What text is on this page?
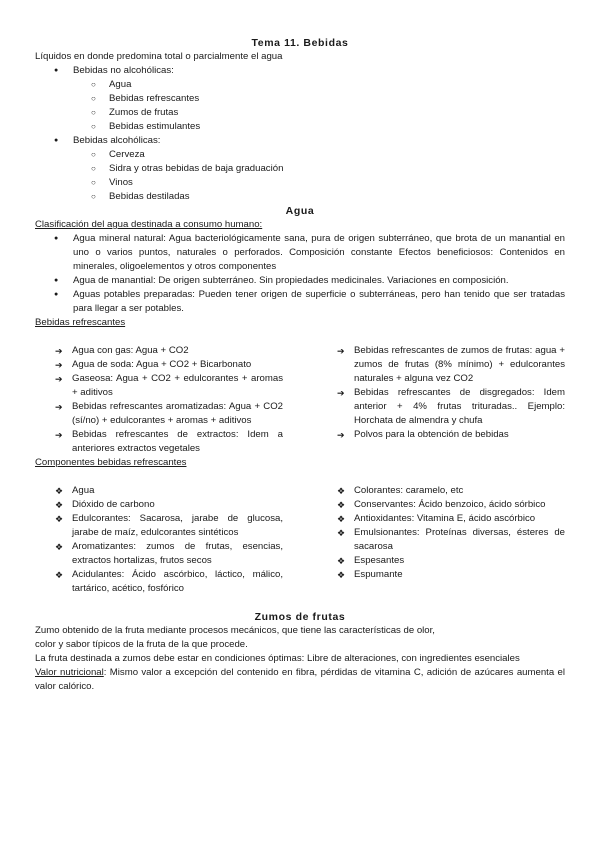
Tema 11. Bebidas

Líquidos en donde predomina total o parcialmente el agua

● Bebidas no alcohólicas:
○ Agua
○ Bebidas refrescantes
○ Zumos de frutas
○ Bebidas estimulantes
● Bebidas alcohólicas:
○ Cerveza
○ Sidra y otras bebidas de baja graduación
○ Vinos
○ Bebidas destiladas
Agua

Clasificación del agua destinada a consumo humano:

● Agua mineral natural: Agua bacteriológicamente sana, pura de origen subterráneo, que brota de un manantial en uno o varios puntos, naturales o perforados. Composición constante Efectos beneficiosos: Contenidos en minerales, oligoelementos y otros componentes
● Agua de manantial: De origen subterráneo. Sin propiedades medicinales. Variaciones en composición.
● Aguas potables preparadas: Pueden tener origen de superficie o subterráneas, pero han tenido que ser tratadas para llegar a ser potables.

Bebidas refrescantes

➔ Agua con gas: Agua + CO2
➔ Agua de soda: Agua + CO2 + Bicarbonato
➔ Gaseosa: Agua + CO2 + edulcorantes + aromas + aditivos
➔ Bebidas refrescantes aromatizadas: Agua + CO2 (sí/no) + edulcorantes + aromas + aditivos
➔ Bebidas refrescantes de extractos: Idem a anteriores extractos vegetales
➔ Bebidas refrescantes de zumos de frutas: agua + zumos de frutas (8% mínimo) + edulcorantes naturales + alguna vez CO2
➔ Bebidas refrescantes de disgregados: Idem anterior + 4% frutas trituradas.. Ejemplo: Horchata de almendra y chufa
➔ Polvos para la obtención de bebidas

Componentes bebidas refrescantes

❖ Agua
❖ Dióxido de carbono
❖ Edulcorantes: Sacarosa, jarabe de glucosa, jarabe de maíz, edulcorantes sintéticos
❖ Aromatizantes: zumos de frutas, esencias, extractos hortalizas, frutos secos
❖ Acidulantes: Ácido ascórbico, láctico, málico, tartárico, acético, fosfórico
❖ Colorantes: caramelo, etc
❖ Conservantes: Ácido benzoico, ácido sórbico
❖ Antioxidantes: Vitamina E, ácido ascórbico
❖ Emulsionantes: Proteínas diversas, ésteres de sacarosa
❖ Espesantes
❖ Espumante
Zumos de frutas

Zumo obtenido de la fruta mediante procesos mecánicos, que tiene las características de olor,

color y sabor típicos de la fruta de la que procede.

La fruta destinada a zumos debe estar en condiciones óptimas: Libre de alteraciones, con ingredientes esenciales

Valor nutricional: Mismo valor a excepción del contenido en fibra, pérdidas de vitamina C, adición de azúcares aumenta el valor calórico.
